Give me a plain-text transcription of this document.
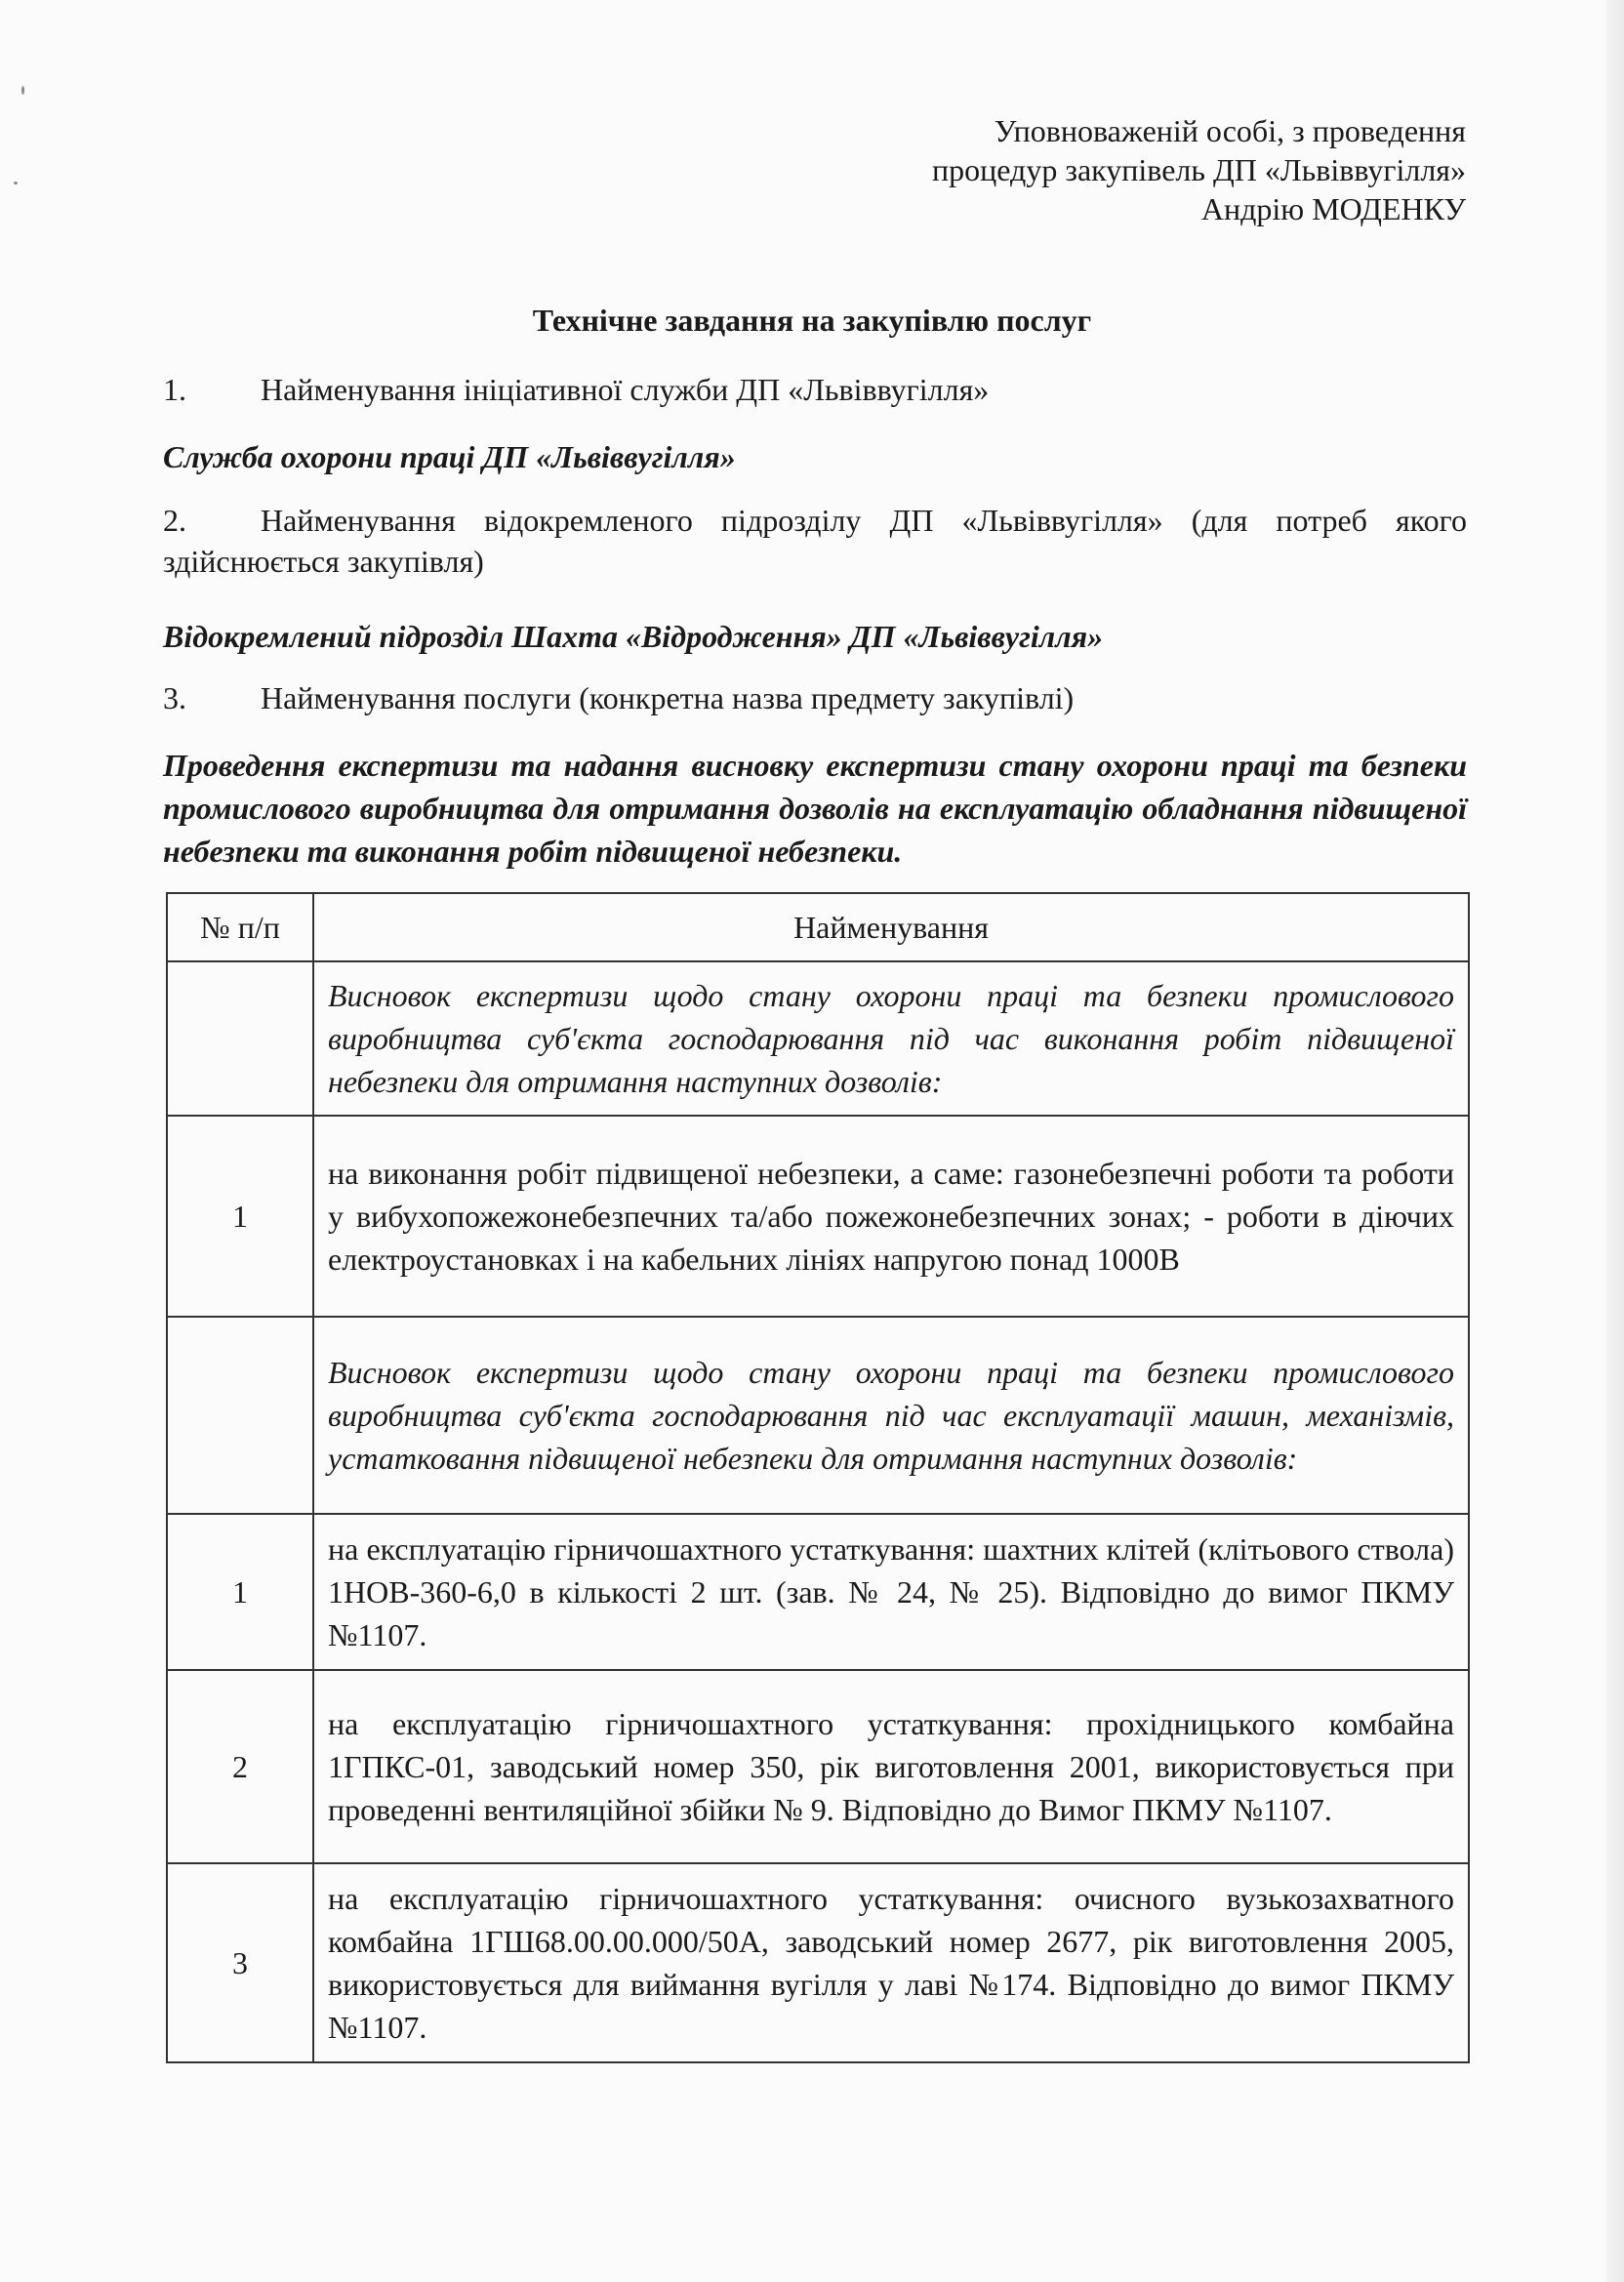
Уповноваженій особі, з проведення
процедур закупівель ДП «Львіввугілля»
Андрію МОДЕНКУ
Технічне завдання на закупівлю послуг
1. Найменування ініціативної служби ДП «Львіввугілля»
Служба охорони праці ДП «Львіввугілля»
2. Найменування відокремленого підрозділу ДП «Львіввугілля» (для потреб якого здійснюється закупівля)
Відокремлений підрозділ Шахта «Відродження» ДП «Львіввугілля»
3. Найменування послуги (конкретна назва предмету закупівлі)
Проведення експертизи та надання висновку експертизи стану охорони праці та безпеки промислового виробництва для отримання дозволів на експлуатацію обладнання підвищеної небезпеки та виконання робіт підвищеної небезпеки.
№ п/п	Найменування
	Висновок експертизи щодо стану охорони праці та безпеки промислового виробництва суб'єкта господарювання під час виконання робіт підвищеної небезпеки для отримання наступних дозволів:
1	на виконання робіт підвищеної небезпеки, а саме: газонебезпечні роботи та роботи у вибухопожежонебезпечних та/або пожежонебезпечних зонах; - роботи в діючих електроустановках і на кабельних лініях напругою понад 1000В
	Висновок експертизи щодо стану охорони праці та безпеки промислового виробництва суб'єкта господарювання під час експлуатації машин, механізмів, устатковання підвищеної небезпеки для отримання наступних дозволів:
1	на експлуатацію гірничошахтного устаткування: шахтних клітей (клітьового ствола) 1НОВ-360-6,0 в кількості 2 шт. (зав. № 24, № 25). Відповідно до вимог ПКМУ №1107.
2	на експлуатацію гірничошахтного устаткування: прохідницького комбайна 1ГПКС-01, заводський номер 350, рік виготовлення 2001, використовується при проведенні вентиляційної збійки № 9. Відповідно до Вимог ПКМУ №1107.
3	на експлуатацію гірничошахтного устаткування: очисного вузькозахватного комбайна 1ГШ68.00.00.000/50А, заводський номер 2677, рік виготовлення 2005, використовується для виймання вугілля у лаві №174. Відповідно до вимог ПКМУ №1107.
